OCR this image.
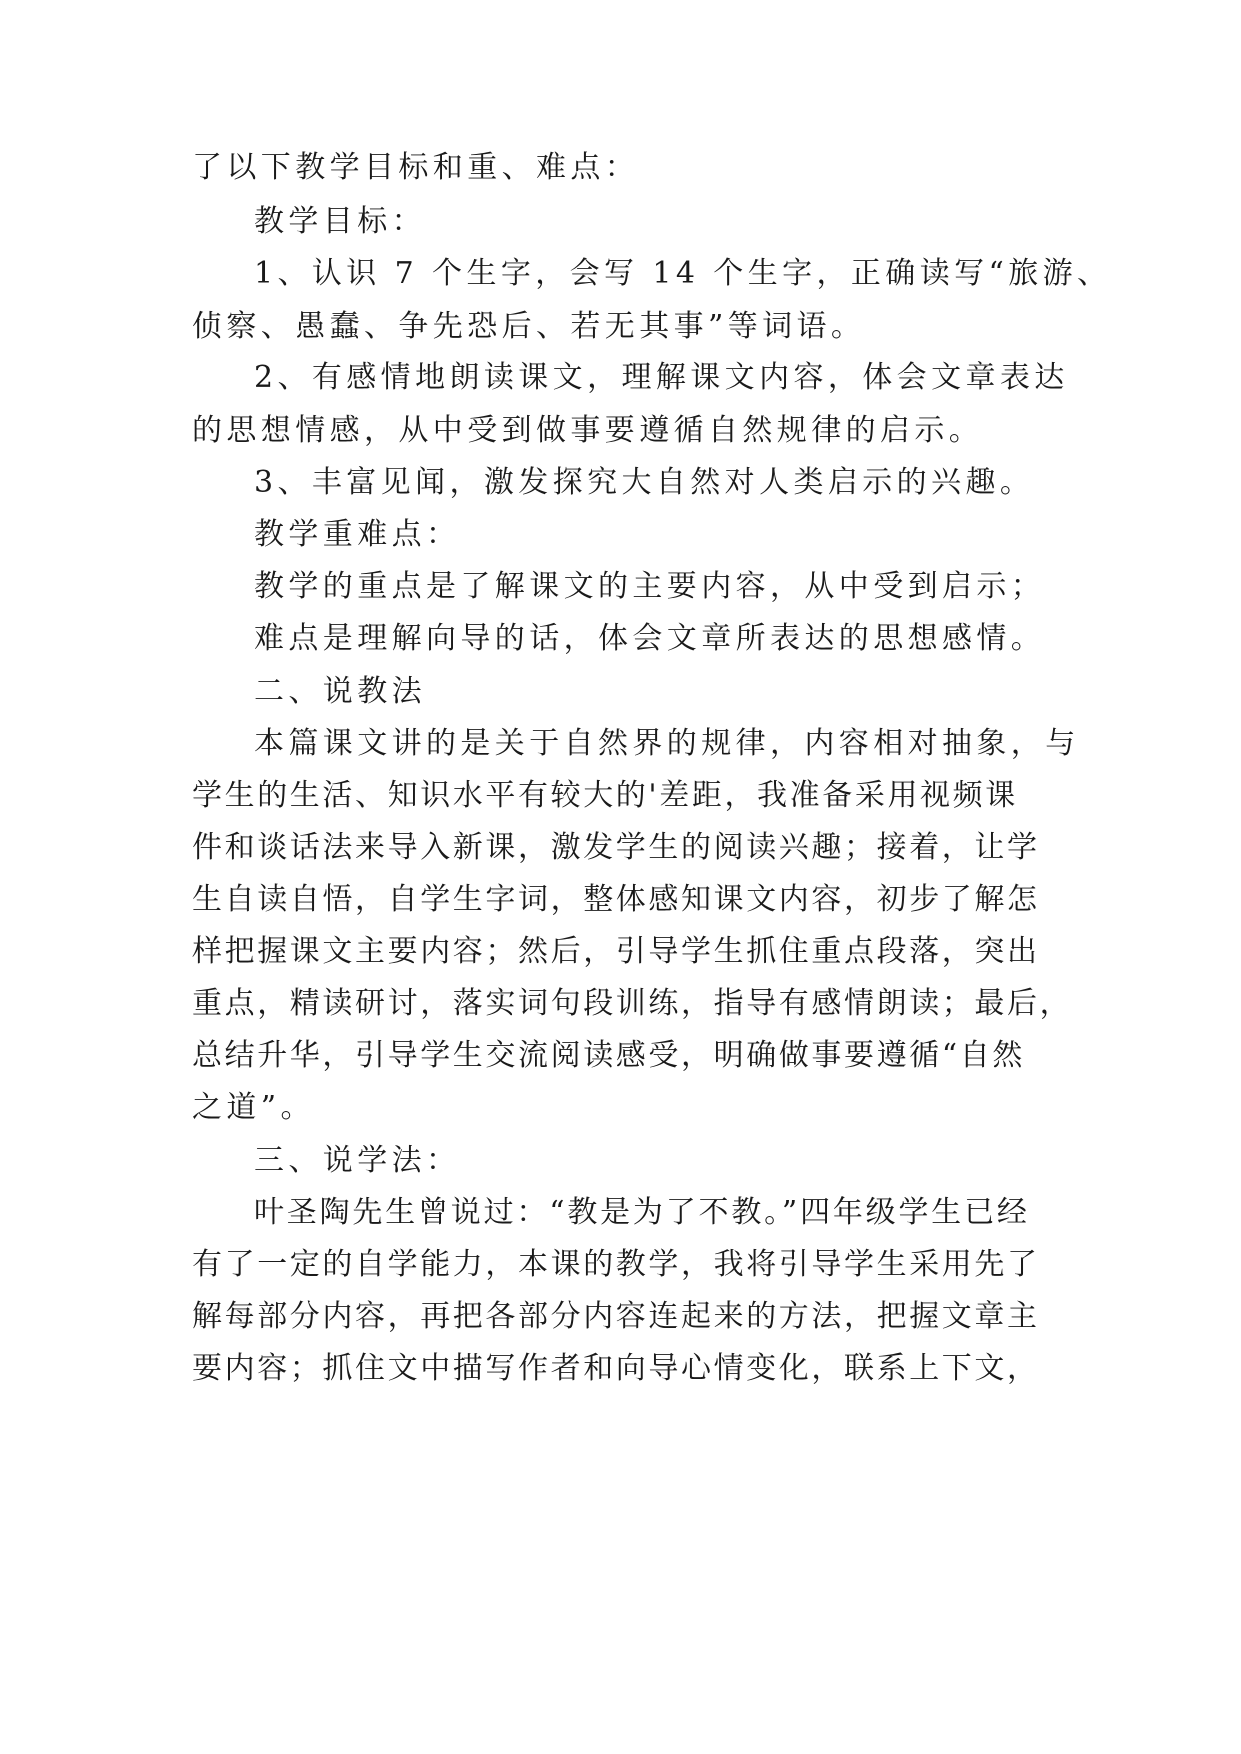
了以下教学目标和重、难点：
教学目标：
1、认识 7 个生字，会写 14 个生字，正确读写“旅游、
侦察、愚蠢、争先恐后、若无其事”等词语。
2、有感情地朗读课文，理解课文内容，体会文章表达
的思想情感，从中受到做事要遵循自然规律的启示。
3、丰富见闻，激发探究大自然对人类启示的兴趣。
教学重难点：
教学的重点是了解课文的主要内容，从中受到启示；
难点是理解向导的话，体会文章所表达的思想感情。
二、说教法
本篇课文讲的是关于自然界的规律，内容相对抽象，与
学生的生活、知识水平有较大的'差距，我准备采用视频课
件和谈话法来导入新课，激发学生的阅读兴趣；接着，让学
生自读自悟，自学生字词，整体感知课文内容，初步了解怎
样把握课文主要内容；然后，引导学生抓住重点段落，突出
重点，精读研讨，落实词句段训练，指导有感情朗读；最后，
总结升华，引导学生交流阅读感受，明确做事要遵循“自然
之道”。
三、说学法：
叶圣陶先生曾说过：“教是为了不教。”四年级学生已经
有了一定的自学能力，本课的教学，我将引导学生采用先了
解每部分内容，再把各部分内容连起来的方法，把握文章主
要内容；抓住文中描写作者和向导心情变化，联系上下文，
